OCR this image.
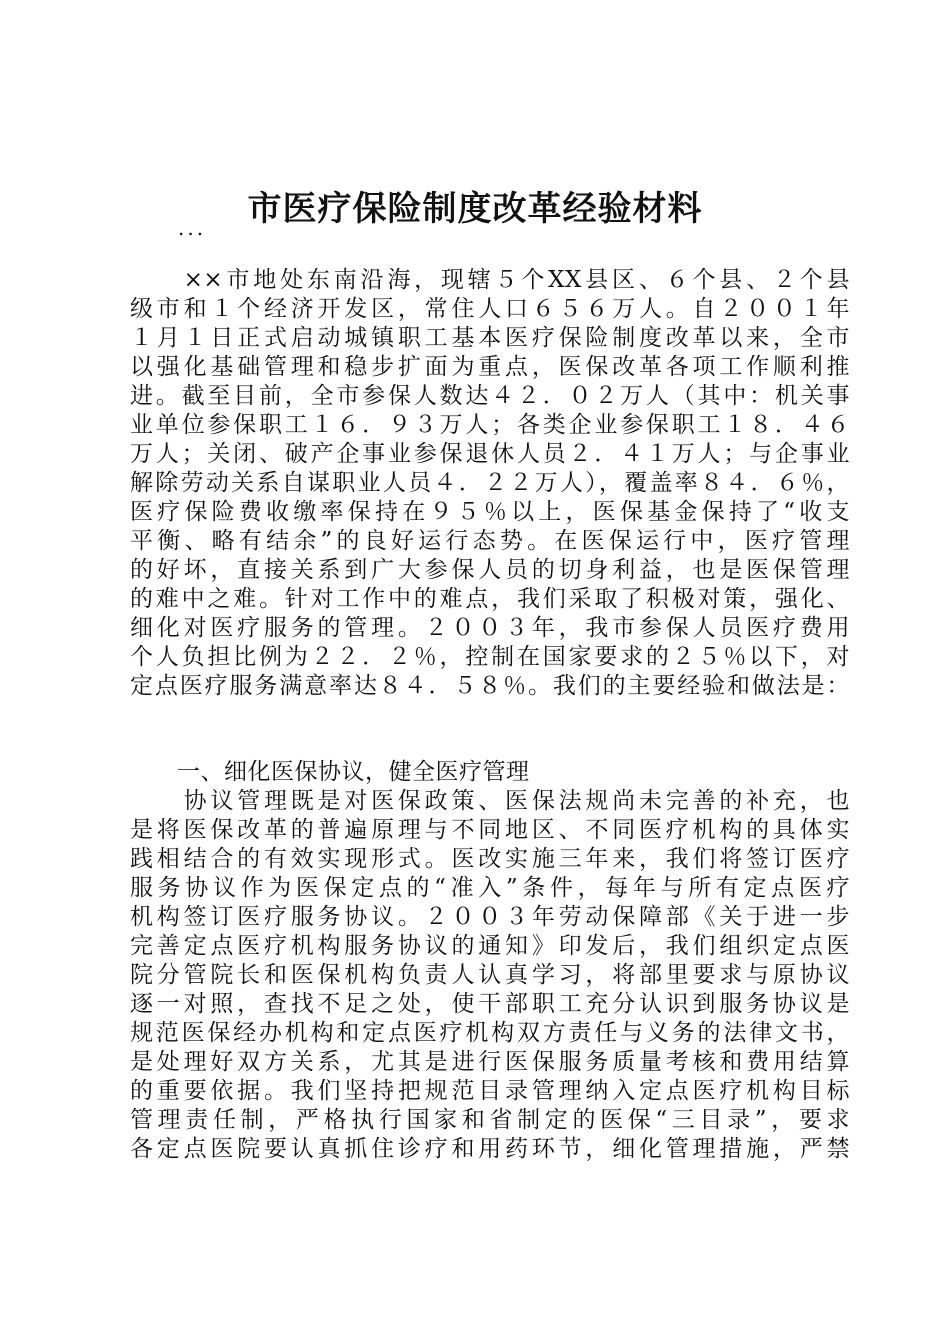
市医疗保险制度改革经验材料
...
　　××市地处东南沿海，现辖５个XX县区、６个县、２个县
级市和１个经济开发区，常住人口６５６万人。自２００１年
１月１日正式启动城镇职工基本医疗保险制度改革以来，全市
以强化基础管理和稳步扩面为重点，医保改革各项工作顺利推
进。截至目前，全市参保人数达４２．０２万人（其中：机关事
业单位参保职工１６．９３万人；各类企业参保职工１８．４６
万人；关闭、破产企事业参保退休人员２．４１万人；与企事业
解除劳动关系自谋职业人员４．２２万人），覆盖率８４．６％，
医疗保险费收缴率保持在９５％以上，医保基金保持了“收支
平衡、略有结余”的良好运行态势。在医保运行中，医疗管理
的好坏，直接关系到广大参保人员的切身利益，也是医保管理
的难中之难。针对工作中的难点，我们采取了积极对策，强化、
细化对医疗服务的管理。２００３年，我市参保人员医疗费用
个人负担比例为２２．２％，控制在国家要求的２５％以下，对
定点医疗服务满意率达８４．５８％。我们的主要经验和做法是：
　　一、细化医保协议，健全医疗管理
　　协议管理既是对医保政策、医保法规尚未完善的补充，也
是将医保改革的普遍原理与不同地区、不同医疗机构的具体实
践相结合的有效实现形式。医改实施三年来，我们将签订医疗
服务协议作为医保定点的“准入”条件，每年与所有定点医疗
机构签订医疗服务协议。２００３年劳动保障部《关于进一步
完善定点医疗机构服务协议的通知》印发后，我们组织定点医
院分管院长和医保机构负责人认真学习，将部里要求与原协议
逐一对照，查找不足之处，使干部职工充分认识到服务协议是
规范医保经办机构和定点医疗机构双方责任与义务的法律文书，
是处理好双方关系，尤其是进行医保服务质量考核和费用结算
的重要依据。我们坚持把规范目录管理纳入定点医疗机构目标
管理责任制，严格执行国家和省制定的医保“三目录”，要求
各定点医院要认真抓住诊疗和用药环节，细化管理措施，严禁
